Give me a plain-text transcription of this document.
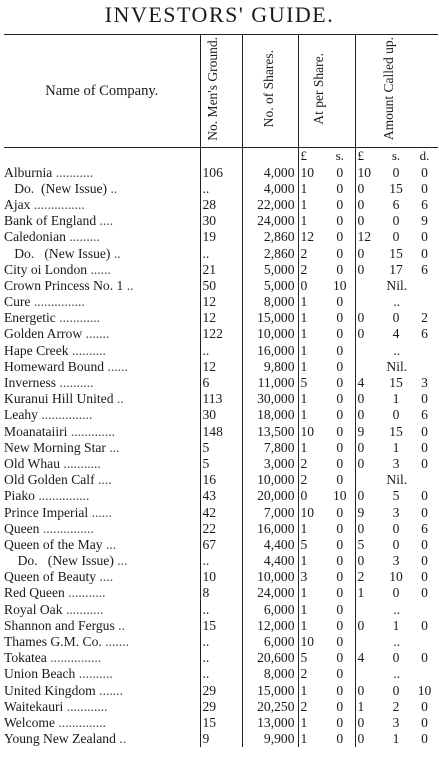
INVESTORS' GUIDE.
Name of Company.	No. Men's Ground.	No. of Shares.	At per Share.		Amount Called up.		
			£	s.	£	s.	d.
Alburnia ...........	106	4,000	10	0	10	0	0
Do.  (New Issue) ..	..	4,000	1	0	0	15	0
Ajax ...............	28	22,000	1	0	0	6	6
Bank of England ....	30	24,000	1	0	0	0	9
Caledonian .........	19	2,860	12	0	12	0	0
Do.   (New Issue) ..	..	2,860	2	0	0	15	0
City oi London ......	21	5,000	2	0	0	17	6
Crown Princess No. 1 ..	50	5,000	0	10	Nil.		
Cure ...............	12	8,000	1	0	..		
Energetic ............	12	15,000	1	0	0	0	2
Golden Arrow .......	122	10,000	1	0	0	4	6
Hape Creek ..........	..	16,000	1	0	..		
Homeward Bound ......	12	9,800	1	0	Nil.		
Inverness ..........	6	11,000	5	0	4	15	3
Kuranui Hill United ..	113	30,000	1	0	0	1	0
Leahy ...............	30	18,000	1	0	0	0	6
Moanataiiri .............	148	13,500	10	0	9	15	0
New Morning Star ...	5	7,800	1	0	0	1	0
Old Whau ...........	5	3,000	2	0	0	3	0
Old Golden Calf ....	16	10,000	2	0	Nil.		
Piako ...............	43	20,000	0	10	0	5	0
Prince Imperial ......	42	7,000	10	0	9	3	0
Queen ...............	22	16,000	1	0	0	0	6
Queen of the May ...	67	4,400	5	0	5	0	0
Do.   (New Issue) ...	..	4,400	1	0	0	3	0
Queen of Beauty ....	10	10,000	3	0	2	10	0
Red Queen ...........	8	24,000	1	0	1	0	0
Royal Oak ...........	..	6,000	1	0	..		
Shannon and Fergus ..	15	12,000	1	0	0	1	0
Thames G.M. Co. .......	..	6,000	10	0	..		
Tokatea ...............	..	20,600	5	0	4	0	0
Union Beach ..........	..	8,000	2	0	..		
United Kingdom .......	29	15,000	1	0	0	0	10
Waitekauri ............	29	20,250	2	0	1	2	0
Welcome ..............	15	13,000	1	0	0	3	0
Young New Zealand ..	9	9,900	1	0	0	1	0
